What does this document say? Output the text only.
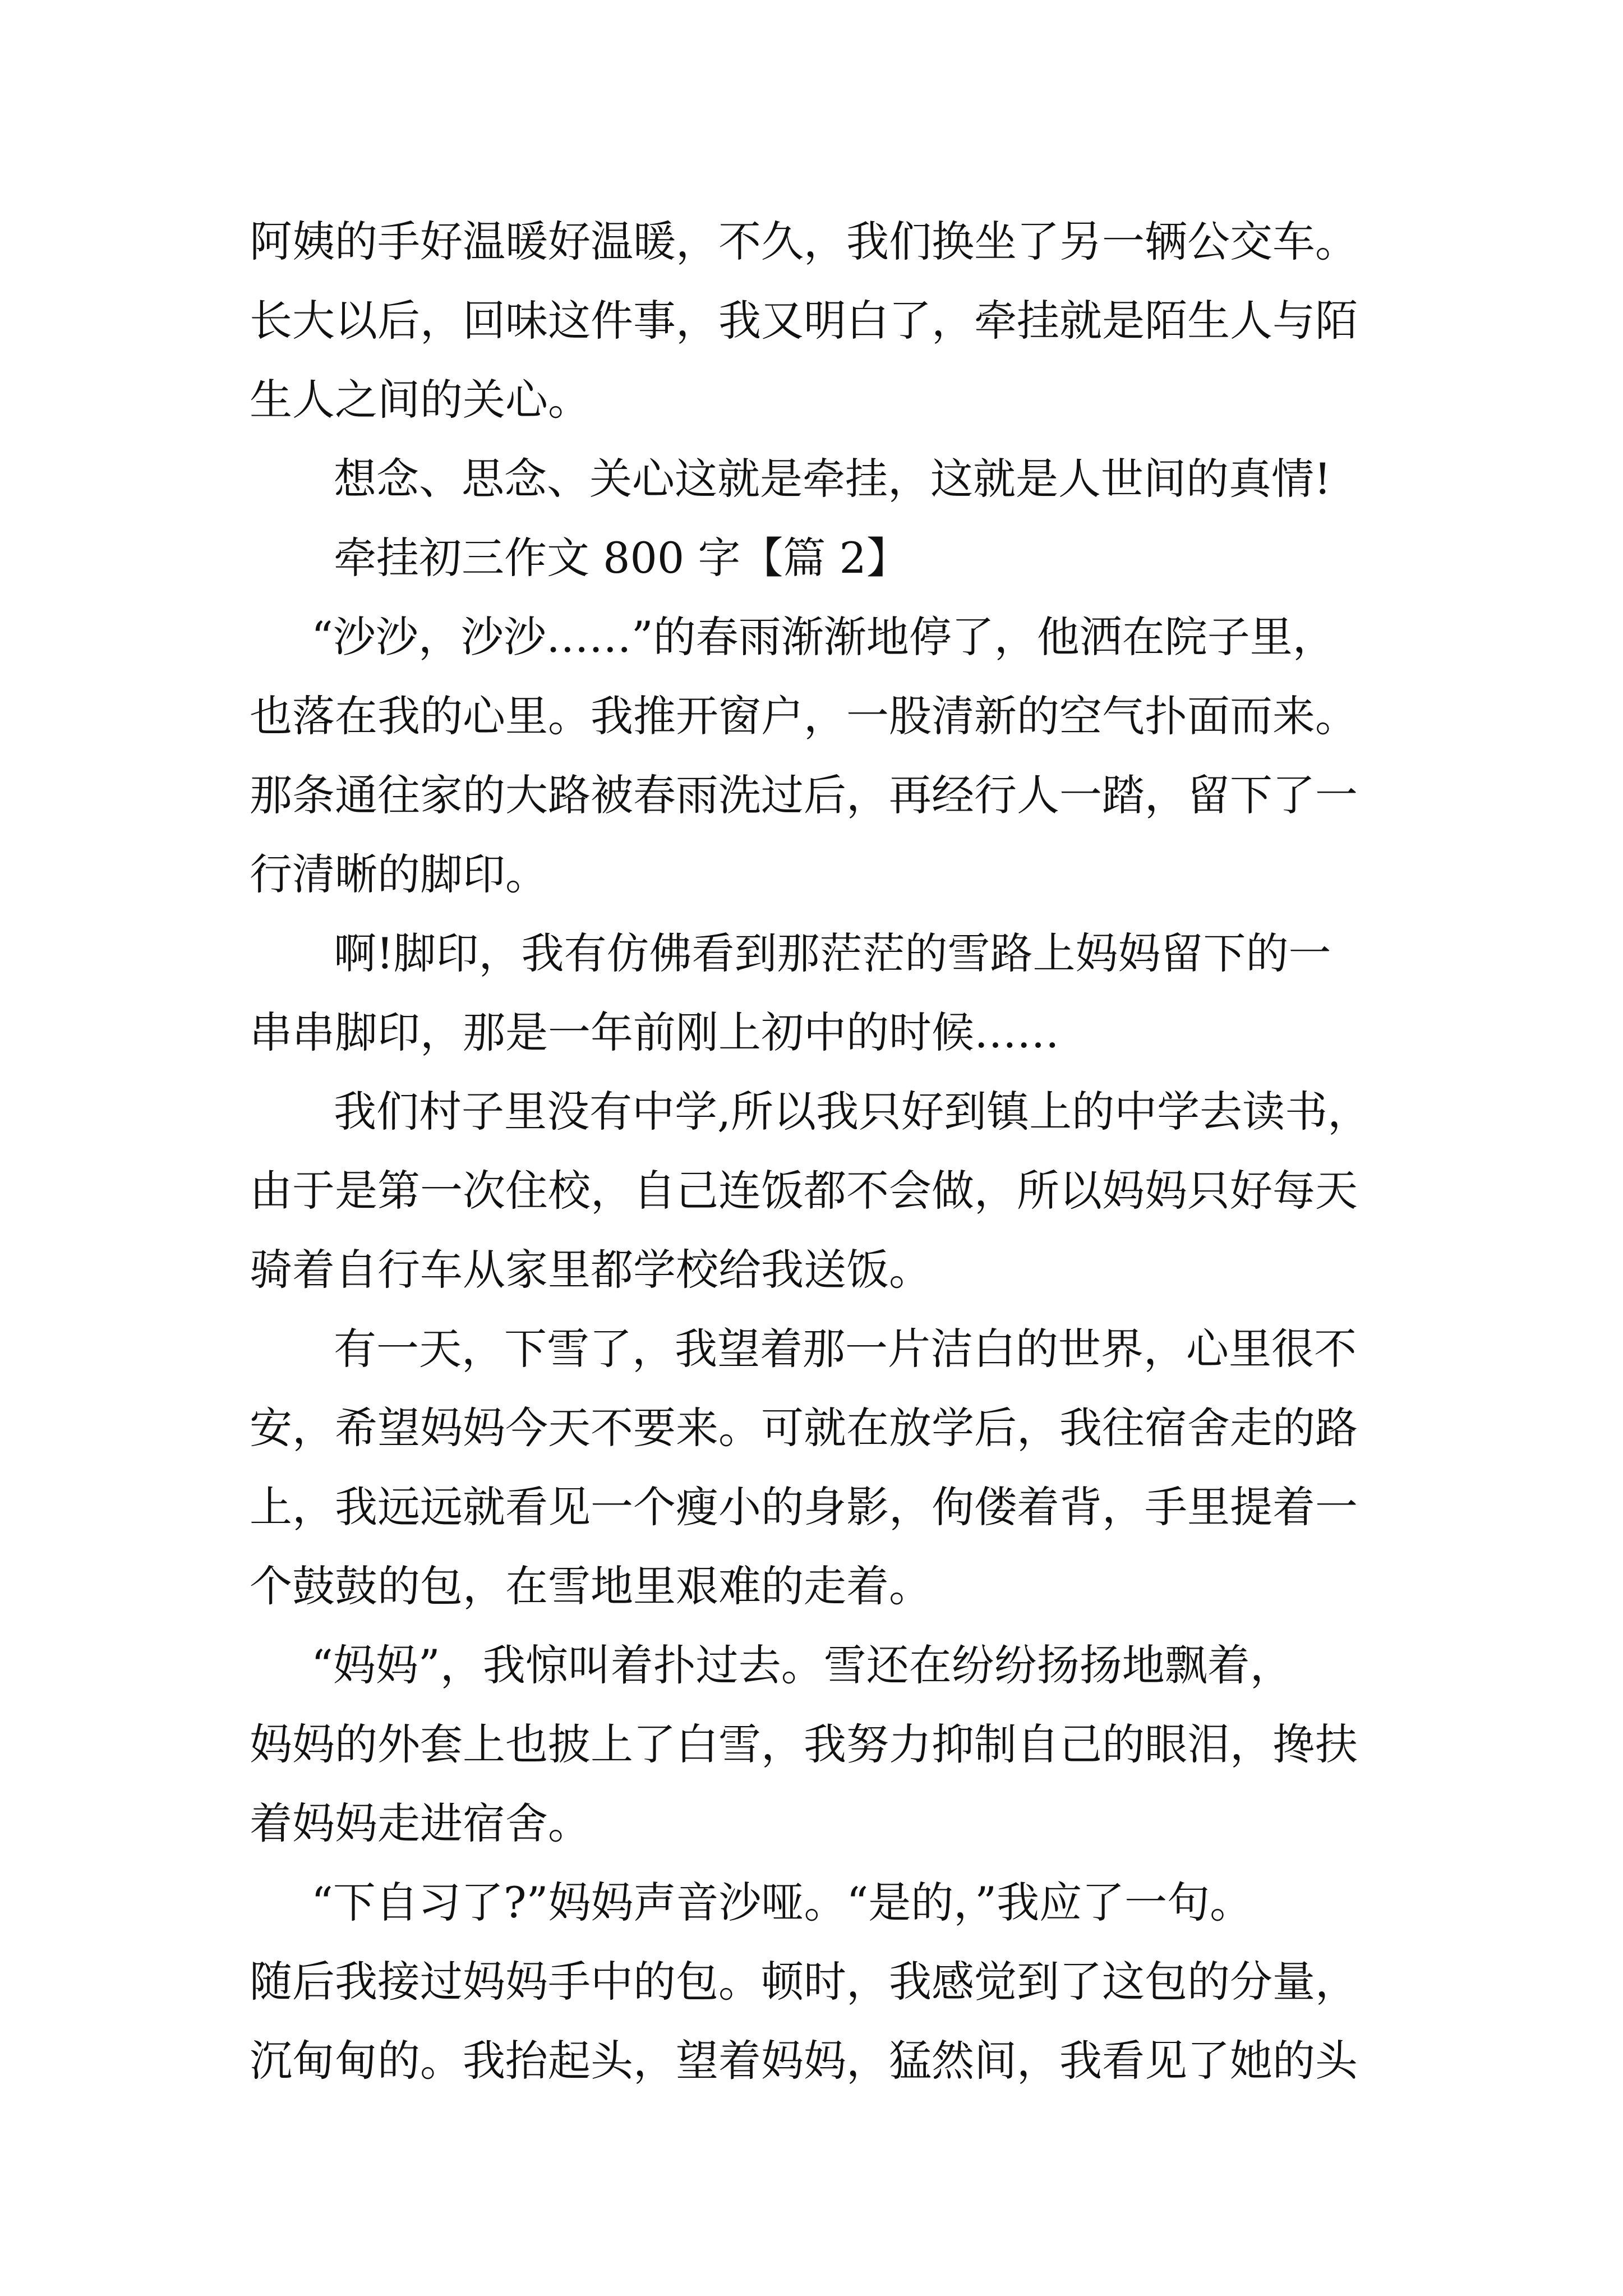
阿姨的手好温暖好温暖，不久，我们换坐了另一辆公交车。
长大以后，回味这件事，我又明白了，牵挂就是陌生人与陌
生人之间的关心。
想念、思念、关心这就是牵挂，这就是人世间的真情!
牵挂初三作文 800 字【篇 2】
“沙沙，沙沙……”的春雨渐渐地停了，他洒在院子里，
也落在我的心里。我推开窗户，一股清新的空气扑面而来。
那条通往家的大路被春雨洗过后，再经行人一踏，留下了一
行清晰的脚印。
啊!脚印，我有仿佛看到那茫茫的雪路上妈妈留下的一
串串脚印，那是一年前刚上初中的时候……
我们村子里没有中学,所以我只好到镇上的中学去读书，
由于是第一次住校，自己连饭都不会做，所以妈妈只好每天
骑着自行车从家里都学校给我送饭。
有一天，下雪了，我望着那一片洁白的世界，心里很不
安，希望妈妈今天不要来。可就在放学后，我往宿舍走的路
上，我远远就看见一个瘦小的身影，佝偻着背，手里提着一
个鼓鼓的包，在雪地里艰难的走着。
“妈妈”，我惊叫着扑过去。雪还在纷纷扬扬地飘着，
妈妈的外套上也披上了白雪，我努力抑制自己的眼泪，搀扶
着妈妈走进宿舍。
“下自习了?”妈妈声音沙哑。“是的，”我应了一句。
随后我接过妈妈手中的包。顿时，我感觉到了这包的分量，
沉甸甸的。我抬起头，望着妈妈，猛然间，我看见了她的头
